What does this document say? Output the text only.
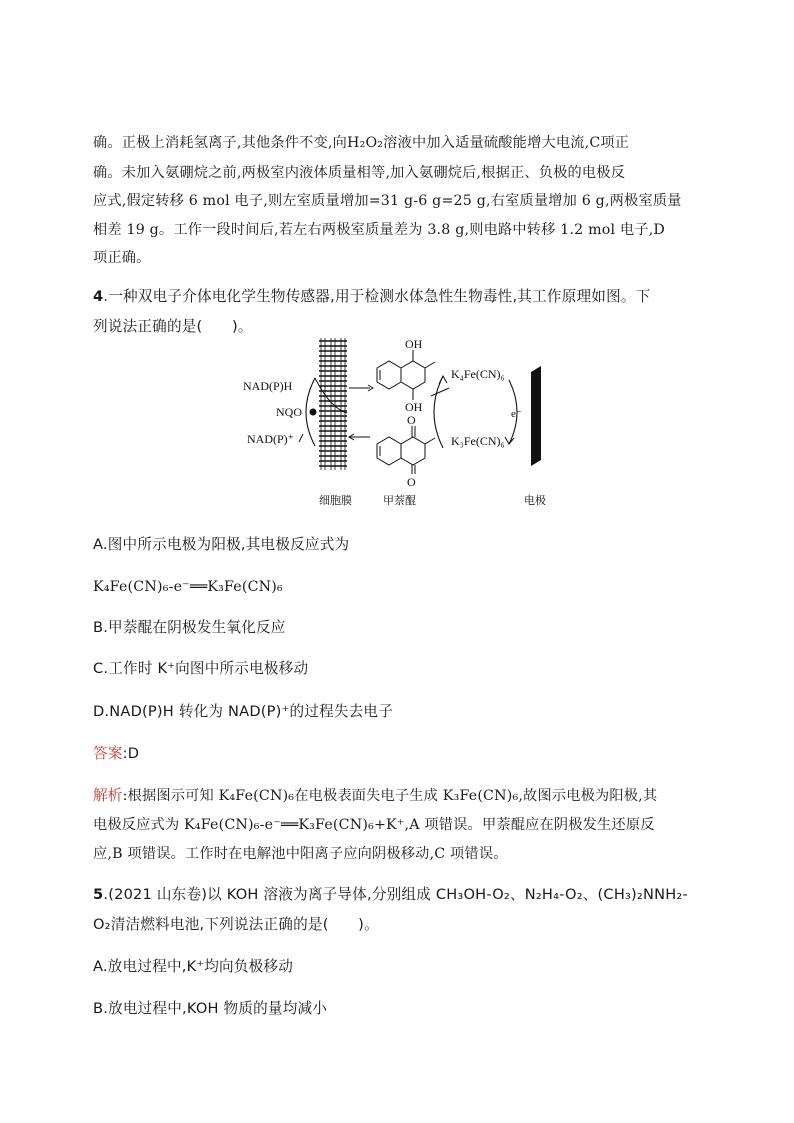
确。正极上消耗氢离子,其他条件不变,向H₂O₂溶液中加入适量硫酸能增大电流,C项正
确。未加入氨硼烷之前,两极室内液体质量相等,加入氨硼烷后,根据正、负极的电极反
应式,假定转移 6 mol 电子,则左室质量增加=31 g-6 g=25 g,右室质量增加 6 g,两极室质量
相差 19 g。工作一段时间后,若左右两极室质量差为 3.8 g,则电路中转移 1.2 mol 电子,D
项正确。
4.一种双电子介体电化学生物传感器,用于检测水体急性生物毒性,其工作原理如图。下
列说法正确的是(　　)。
NAD(P)H
NQO
NAD(P)⁺
OH
OH
O
O
K₄Fe(CN)₆
K₃Fe(CN)₆
e⁻
细胞膜	甲萘醌	电极
A.图中所示电极为阳极,其电极反应式为
K₄Fe(CN)₆-e⁻══K₃Fe(CN)₆
B.甲萘醌在阴极发生氧化反应
C.工作时 K⁺向图中所示电极移动
D.NAD(P)H 转化为 NAD(P)⁺的过程失去电子
答案:D
解析:根据图示可知 K₄Fe(CN)₆在电极表面失电子生成 K₃Fe(CN)₆,故图示电极为阳极,其
电极反应式为 K₄Fe(CN)₆-e⁻══K₃Fe(CN)₆+K⁺,A 项错误。甲萘醌应在阴极发生还原反
应,B 项错误。工作时在电解池中阳离子应向阴极移动,C 项错误。
5.(2021 山东卷)以 KOH 溶液为离子导体,分别组成 CH₃OH-O₂、N₂H₄-O₂、(CH₃)₂NNH₂-
O₂清洁燃料电池,下列说法正确的是(　　)。
A.放电过程中,K⁺均向负极移动
B.放电过程中,KOH 物质的量均减小
